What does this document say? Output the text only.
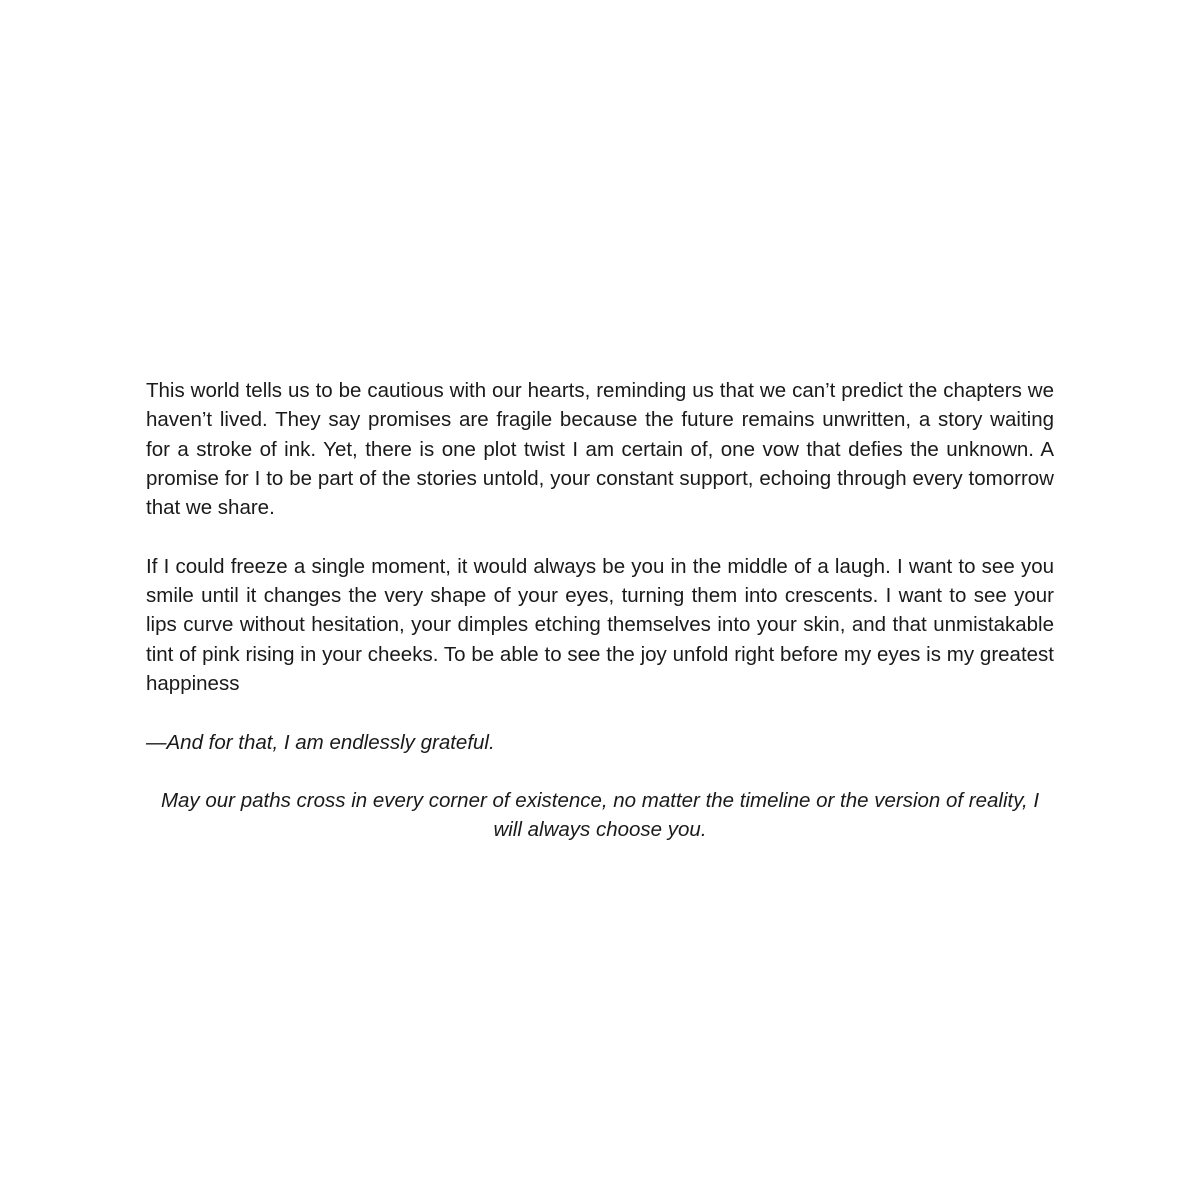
This world tells us to be cautious with our hearts, reminding us that we can’t predict the chapters we haven’t lived. They say promises are fragile because the future remains unwritten, a story waiting for a stroke of ink. Yet, there is one plot twist I am certain of, one vow that defies the unknown. A promise for I to be part of the stories untold, your constant support, echoing through every tomorrow that we share.

If I could freeze a single moment, it would always be you in the middle of a laugh. I want to see you smile until it changes the very shape of your eyes, turning them into crescents. I want to see your lips curve without hesitation, your dimples etching themselves into your skin, and that unmistakable tint of pink rising in your cheeks. To be able to see the joy unfold right before my eyes is my greatest happiness

—And for that, I am endlessly grateful.

May our paths cross in every corner of existence, no matter the timeline or the version of reality, I will always choose you.
